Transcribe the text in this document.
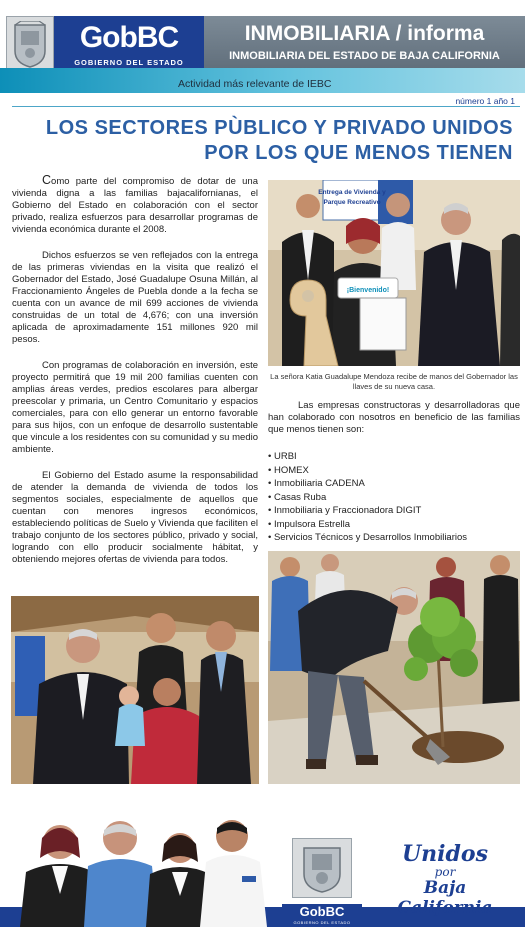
GobBC
GOBIERNO DEL ESTADO
INMOBILIARIA / informa
INMOBILIARIA DEL ESTADO DE BAJA CALIFORNIA
Actividad más relevante de IEBC
número 1 año 1
LOS SECTORES PÙBLICO Y PRIVADO UNIDOS
POR LOS QUE MENOS TIENEN

Como parte del compromiso de dotar de una vivienda digna a las familias bajacalifornianas, el Gobierno del Estado en colaboración con el sector privado, realiza esfuerzos para desarrollar programas de vivienda económica durante el 2008.

Dichos esfuerzos se ven reflejados con la entrega de las primeras viviendas en la visita que realizó el Gobernador del Estado, José Guadalupe Osuna Millán, al Fraccionamiento Ángeles de Puebla donde a la fecha se cuenta con un avance de mil 699 acciones de vivienda construidas de un total de 4,676; con una inversión aplicada de aproximadamente 151 millones 920 mil pesos.

Con programas de colaboración en inversión, este proyecto permitirá que 19 mil 200 familias cuenten con amplias áreas verdes, predios escolares para albergar preescolar y primaria, un Centro Comunitario y espacios comerciales, para con ello generar un entorno favorable para sus hijos, con un enfoque de desarrollo sustentable que vincule a los residentes con su comunidad y su medio ambiente.

El Gobierno del Estado asume la responsabilidad de atender la demanda de vivienda de todos los segmentos sociales, especialmente de aquellos que cuentan con menores ingresos económicos, estableciendo políticas de Suelo y Vivienda que faciliten el trabajo conjunto de los sectores público, privado y social, logrando con ello producir socialmente hábitat, y obteniendo mejores ofertas de vivienda para todos.

Entrega de Vivienda y
Parque Recreativo
¡Bienvenido!
La señora Katia Guadalupe Mendoza recibe de manos del Gobernador las llaves de su nueva casa.

Las empresas constructoras y desarrolladoras que han colaborado con nosotros en beneficio de las familias que menos tienen son:

• URBI
• HOMEX
• Inmobiliaria CADENA
• Casas Ruba
• Inmobiliaria y Fraccionadora DIGIT
• Impulsora Estrella
• Servicios Técnicos y Desarrollos Inmobiliarios
GobBC
GOBIERNO DEL ESTADO
Unidos
por
Baja California
